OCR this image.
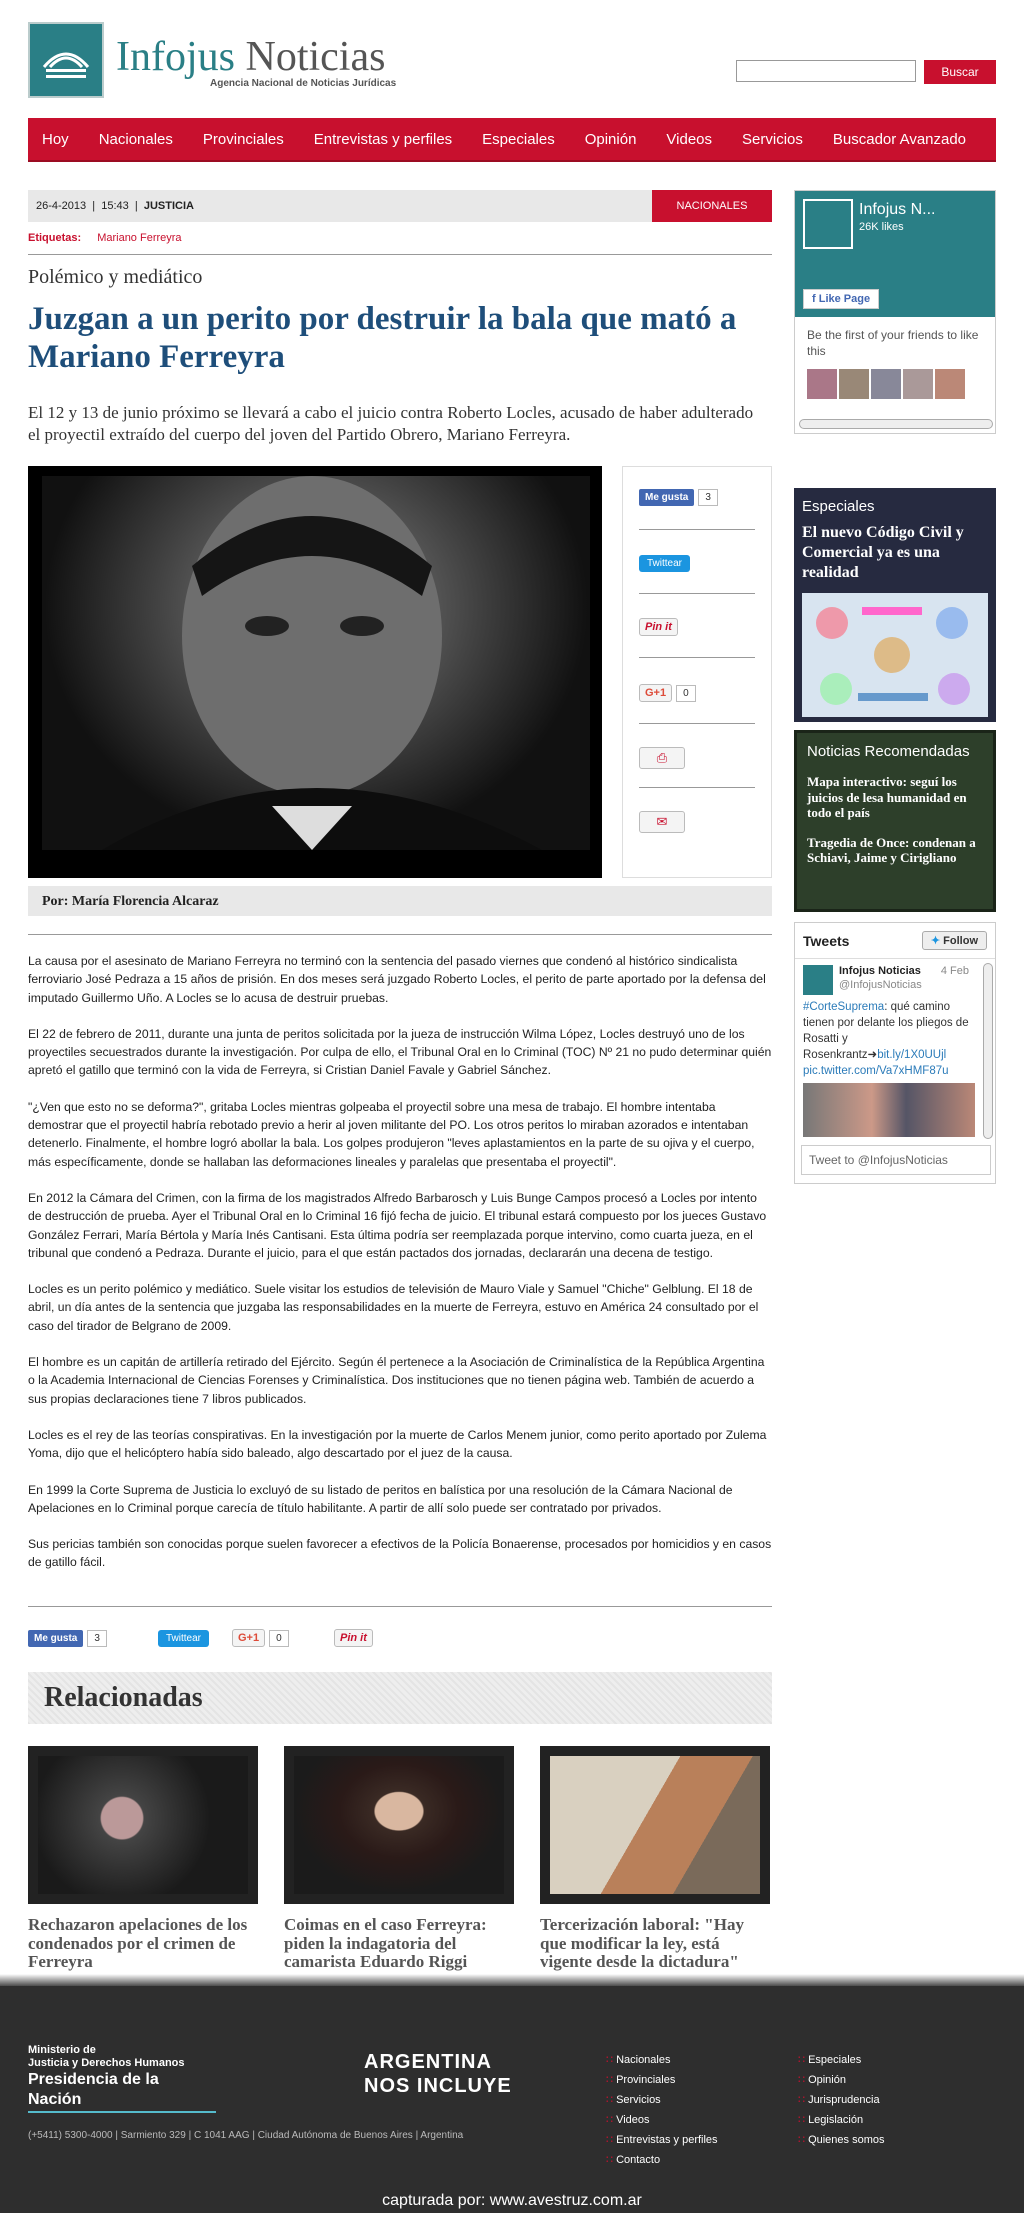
Infojus Noticias
Agencia Nacional de Noticias Jurídicas
Buscar
Hoy Nacionales Provinciales Entrevistas y perfiles Especiales Opinión Videos Servicios Buscador Avanzado
26-4-2013 | 15:43 | JUSTICIA	NACIONALES
Etiquetas: Mariano Ferreyra
Polémico y mediático
Juzgan a un perito por destruir la bala que mató a Mariano Ferreyra
El 12 y 13 de junio próximo se llevará a cabo el juicio contra Roberto Locles, acusado de haber adulterado el proyectil extraído del cuerpo del joven del Partido Obrero, Mariano Ferreyra.
Me gusta 3
Twittear
Pin it
G+1 0
⎙
✉
Por: María Florencia Alcaraz

La causa por el asesinato de Mariano Ferreyra no terminó con la sentencia del pasado viernes que condenó al histórico sindicalista ferroviario José Pedraza a 15 años de prisión. En dos meses será juzgado Roberto Locles, el perito de parte aportado por la defensa del imputado Guillermo Uño. A Locles se lo acusa de destruir pruebas.

El 22 de febrero de 2011, durante una junta de peritos solicitada por la jueza de instrucción Wilma López, Locles destruyó uno de los proyectiles secuestrados durante la investigación. Por culpa de ello, el Tribunal Oral en lo Criminal (TOC) Nº 21 no pudo determinar quién apretó el gatillo que terminó con la vida de Ferreyra, si Cristian Daniel Favale y Gabriel Sánchez.

"¿Ven que esto no se deforma?", gritaba Locles mientras golpeaba el proyectil sobre una mesa de trabajo. El hombre intentaba demostrar que el proyectil habría rebotado previo a herir al joven militante del PO. Los otros peritos lo miraban azorados e intentaban detenerlo. Finalmente, el hombre logró abollar la bala. Los golpes produjeron "leves aplastamientos en la parte de su ojiva y el cuerpo, más específicamente, donde se hallaban las deformaciones lineales y paralelas que presentaba el proyectil".

En 2012 la Cámara del Crimen, con la firma de los magistrados Alfredo Barbarosch y Luis Bunge Campos procesó a Locles por intento de destrucción de prueba. Ayer el Tribunal Oral en lo Criminal 16 fijó fecha de juicio. El tribunal estará compuesto por los jueces Gustavo González Ferrari, María Bértola y María Inés Cantisani. Esta última podría ser reemplazada porque intervino, como cuarta jueza, en el tribunal que condenó a Pedraza. Durante el juicio, para el que están pactados dos jornadas, declararán una decena de testigo.

Locles es un perito polémico y mediático. Suele visitar los estudios de televisión de Mauro Viale y Samuel "Chiche" Gelblung. El 18 de abril, un día antes de la sentencia que juzgaba las responsabilidades en la muerte de Ferreyra, estuvo en América 24 consultado por el caso del tirador de Belgrano de 2009.

El hombre es un capitán de artillería retirado del Ejército. Según él pertenece a la Asociación de Criminalística de la República Argentina o la Academia Internacional de Ciencias Forenses y Criminalística. Dos instituciones que no tienen página web. También de acuerdo a sus propias declaraciones tiene 7 libros publicados.

Locles es el rey de las teorías conspirativas. En la investigación por la muerte de Carlos Menem junior, como perito aportado por Zulema Yoma, dijo que el helicóptero había sido baleado, algo descartado por el juez de la causa.

En 1999 la Corte Suprema de Justicia lo excluyó de su listado de peritos en balística por una resolución de la Cámara Nacional de Apelaciones en lo Criminal porque carecía de título habilitante. A partir de allí solo puede ser contratado por privados.

Sus pericias también son conocidas porque suelen favorecer a efectivos de la Policía Bonaerense, procesados por homicidios y en casos de gatillo fácil.

Me gusta 3	Twittear	G+1 0	Pin it
Relacionadas
Rechazaron apelaciones de los condenados por el crimen de Ferreyra
Coimas en el caso Ferreyra: piden la indagatoria del camarista Eduardo Riggi
Tercerización laboral: "Hay que modificar la ley, está vigente desde la dictadura"
Infojus N...
26K likes
f Like Page
Be the first of your friends to like this
Especiales
El nuevo Código Civil y Comercial ya es una realidad
Noticias Recomendadas
Mapa interactivo: seguí los juicios de lesa humanidad en todo el país
Tragedia de Once: condenan a Schiavi, Jaime y Cirigliano
Tweets	✦ Follow
Infojus Noticias
@InfojusNoticias
4 Feb
#CorteSuprema: qué camino tienen por delante los pliegos de Rosatti y Rosenkrantz➜bit.ly/1X0UUjl pic.twitter.com/Va7xHMF87u
Tweet to @InfojusNoticias
Ministerio de
Justicia y Derechos Humanos
Presidencia de la Nación
ARGENTINA
NOS INCLUYE
(+5411) 5300-4000 | Sarmiento 329 | C 1041 AAG | Ciudad Autónoma de Buenos Aires | Argentina
∷ Nacionales
∷ Provinciales
∷ Servicios
∷ Videos
∷ Entrevistas y perfiles
∷ Contacto
∷ Especiales
∷ Opinión
∷ Jurisprudencia
∷ Legislación
∷ Quienes somos
capturada por: www.avestruz.com.ar
